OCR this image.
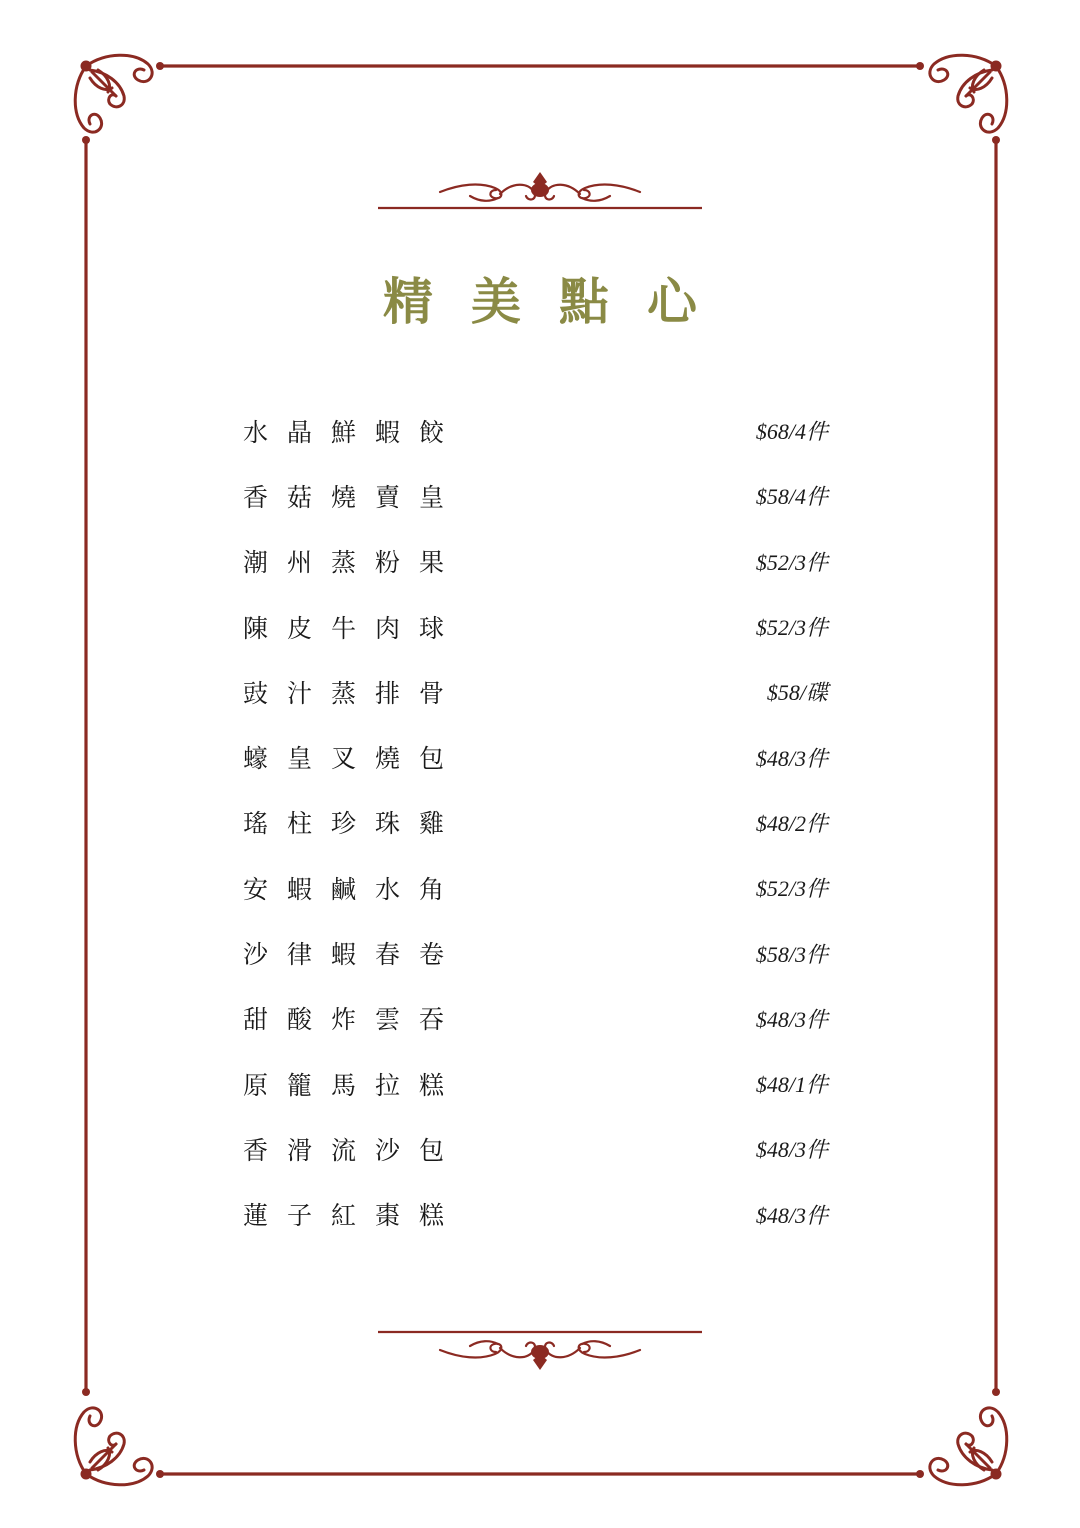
精美點心
水晶鮮蝦餃	$68/4件
香菇燒賣皇	$58/4件
潮州蒸粉果	$52/3件
陳皮牛肉球	$52/3件
豉汁蒸排骨	$58/碟
蠔皇叉燒包	$48/3件
瑤柱珍珠雞	$48/2件
安蝦鹹水角	$52/3件
沙律蝦春卷	$58/3件
甜酸炸雲吞	$48/3件
原籠馬拉糕	$48/1件
香滑流沙包	$48/3件
蓮子紅棗糕	$48/3件
